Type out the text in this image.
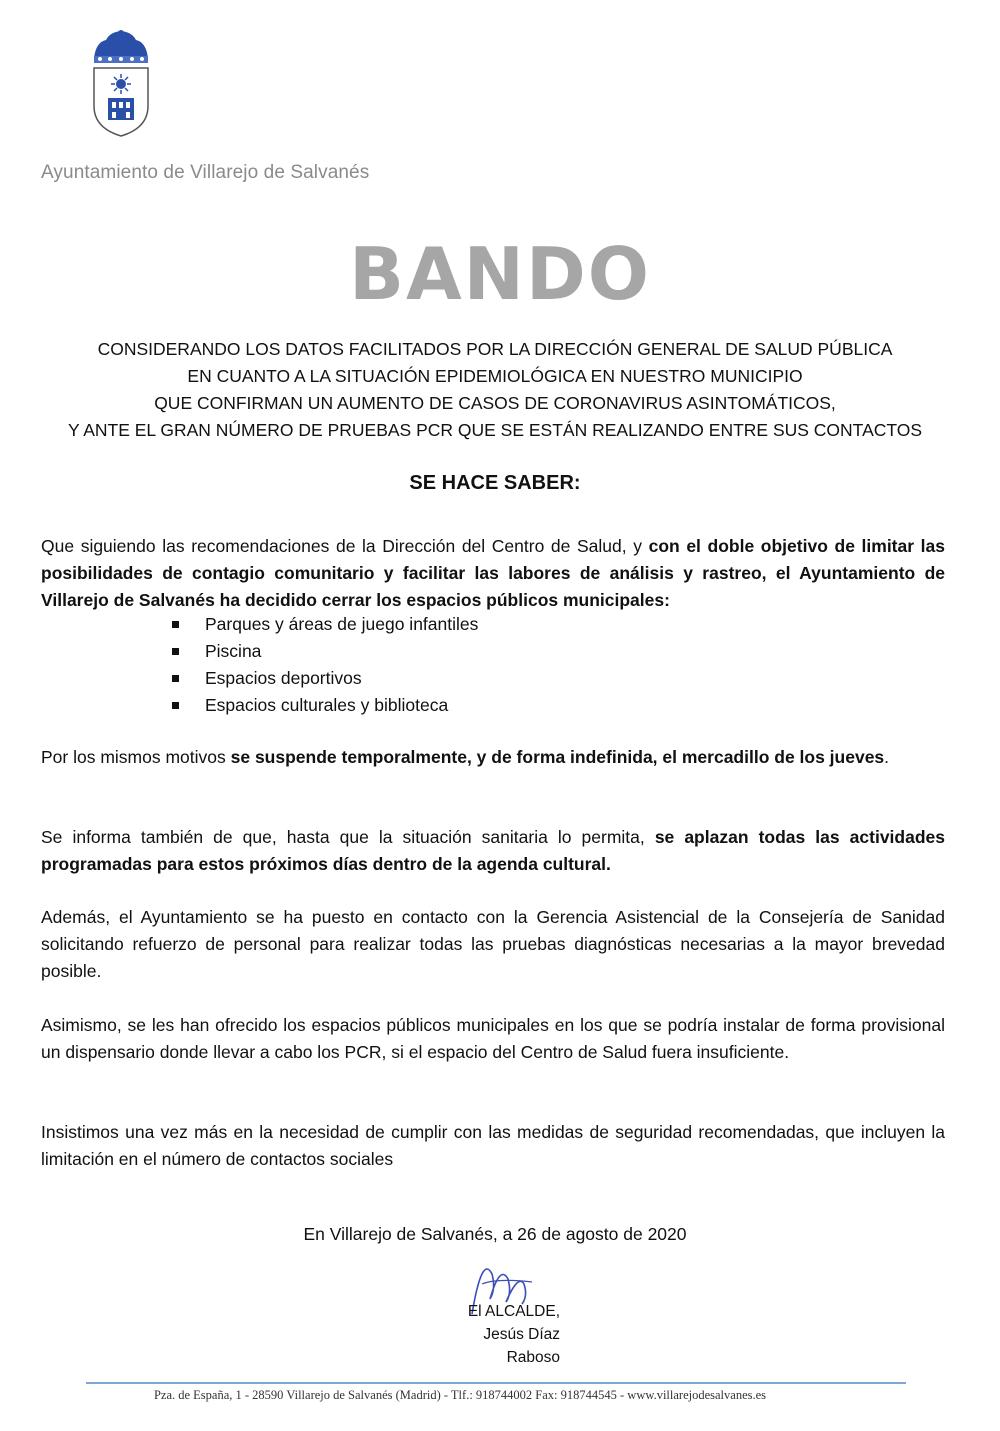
Ayuntamiento de Villarejo de Salvanés
BANDO
CONSIDERANDO LOS DATOS FACILITADOS POR LA DIRECCIÓN GENERAL DE SALUD PÚBLICA
EN CUANTO A LA SITUACIÓN EPIDEMIOLÓGICA EN NUESTRO MUNICIPIO
QUE CONFIRMAN UN AUMENTO DE CASOS DE CORONAVIRUS ASINTOMÁTICOS,
Y ANTE EL GRAN NÚMERO DE PRUEBAS PCR QUE SE ESTÁN REALIZANDO ENTRE SUS CONTACTOS
SE HACE SABER:
Que siguiendo las recomendaciones de la Dirección del Centro de Salud, y con el doble objetivo de limitar las posibilidades de contagio comunitario y facilitar las labores de análisis y rastreo, el Ayuntamiento de Villarejo de Salvanés ha decidido cerrar los espacios públicos municipales:
Parques y áreas de juego infantiles
Piscina
Espacios deportivos
Espacios culturales y biblioteca
Por los mismos motivos se suspende temporalmente, y de forma indefinida, el mercadillo de los jueves.
Se informa también de que, hasta que la situación sanitaria lo permita, se aplazan todas las actividades programadas para estos próximos días dentro de la agenda cultural.
Además, el Ayuntamiento se ha puesto en contacto con la Gerencia Asistencial de la Consejería de Sanidad solicitando refuerzo de personal para realizar todas las pruebas diagnósticas necesarias a la mayor brevedad posible.
Asimismo, se les han ofrecido los espacios públicos municipales en los que se podría instalar de forma provisional un dispensario donde llevar a cabo los PCR, si el espacio del Centro de Salud fuera insuficiente.
Insistimos una vez más en la necesidad de cumplir con las medidas de seguridad recomendadas, que incluyen la limitación en el número de contactos sociales
En Villarejo de Salvanés, a 26 de agosto de 2020
El ALCALDE,
Jesús Díaz Raboso
Pza. de España, 1 - 28590 Villarejo de Salvanés (Madrid) - Tlf.: 918744002 Fax: 918744545 - www.villarejodesalvanes.es
